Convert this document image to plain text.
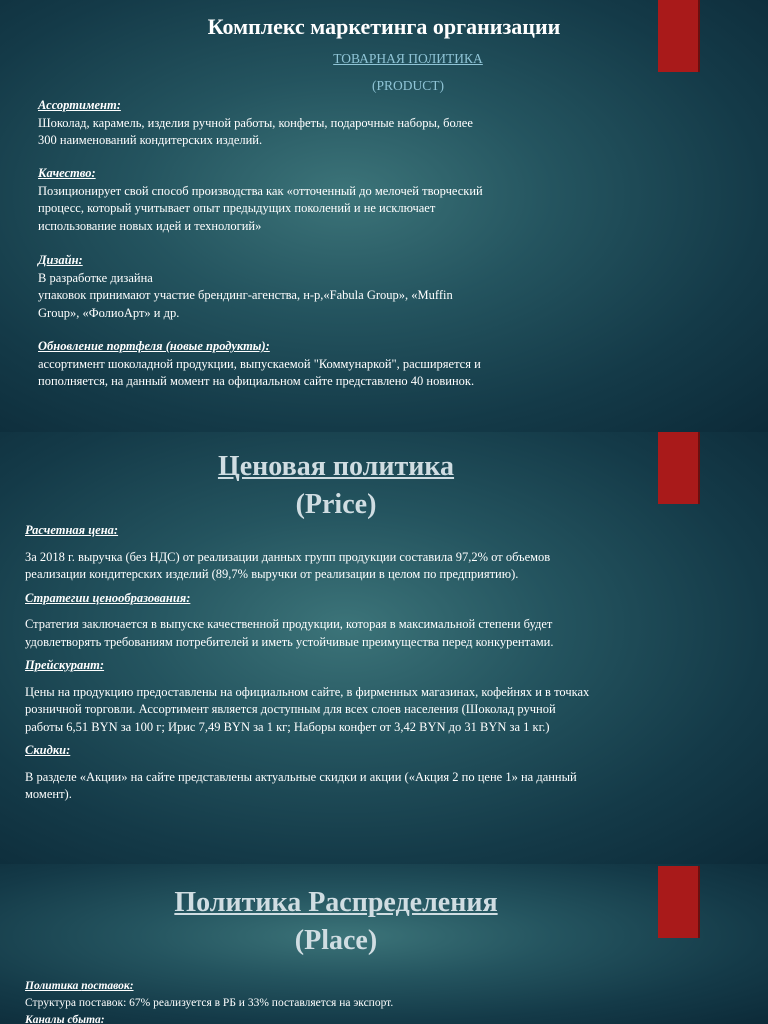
Комплекс маркетинга организации
ТОВАРНАЯ ПОЛИТИКА
(PRODUCT)
Ассортимент:
Шоколад, карамель, изделия ручной работы, конфеты, подарочные наборы, более
300 наименований кондитерских изделий.
Качество:
Позиционирует свой способ производства как «отточенный до мелочей творческий
процесс, который учитывает опыт предыдущих поколений и не исключает
использование новых идей и технологий»
Дизайн:
В разработке дизайна
упаковок принимают участие брендинг-агенства, н-р,«Fabula Group», «Muffin
Group», «ФолиоАрт» и др.
Обновление портфеля (новые продукты):
ассортимент шоколадной продукции, выпускаемой "Коммунаркой", расширяется и
пополняется, на данный момент на официальном сайте представлено 40 новинок.
Ценовая политика
(Price)
Расчетная цена:
За 2018 г. выручка (без НДС) от реализации данных групп продукции составила 97,2% от объемов
реализации кондитерских изделий (89,7% выручки от реализации в целом по предприятию).
Стратегии ценообразования:
Стратегия заключается в выпуске качественной продукции, которая в максимальной степени будет
удовлетворять требованиям потребителей и иметь устойчивые преимущества перед конкурентами.
Прейскурант:
Цены на продукцию предоставлены на официальном сайте, в фирменных магазинах, кофейнях и в точках
розничной торговли. Ассортимент является доступным для всех слоев населения (Шоколад ручной
работы 6,51 BYN за 100 г; Ирис 7,49 BYN за 1 кг; Наборы конфет от 3,42 BYN до 31 BYN за 1 кг.)
Скидки:
В разделе «Акции» на сайте представлены актуальные скидки и акции («Акция 2 по цене 1» на данный
момент).
Политика Распределения
(Place)
Политика поставок:
Структура поставок: 67% реализуется в РБ и 33% поставляется на экспорт.
Каналы сбыта:
